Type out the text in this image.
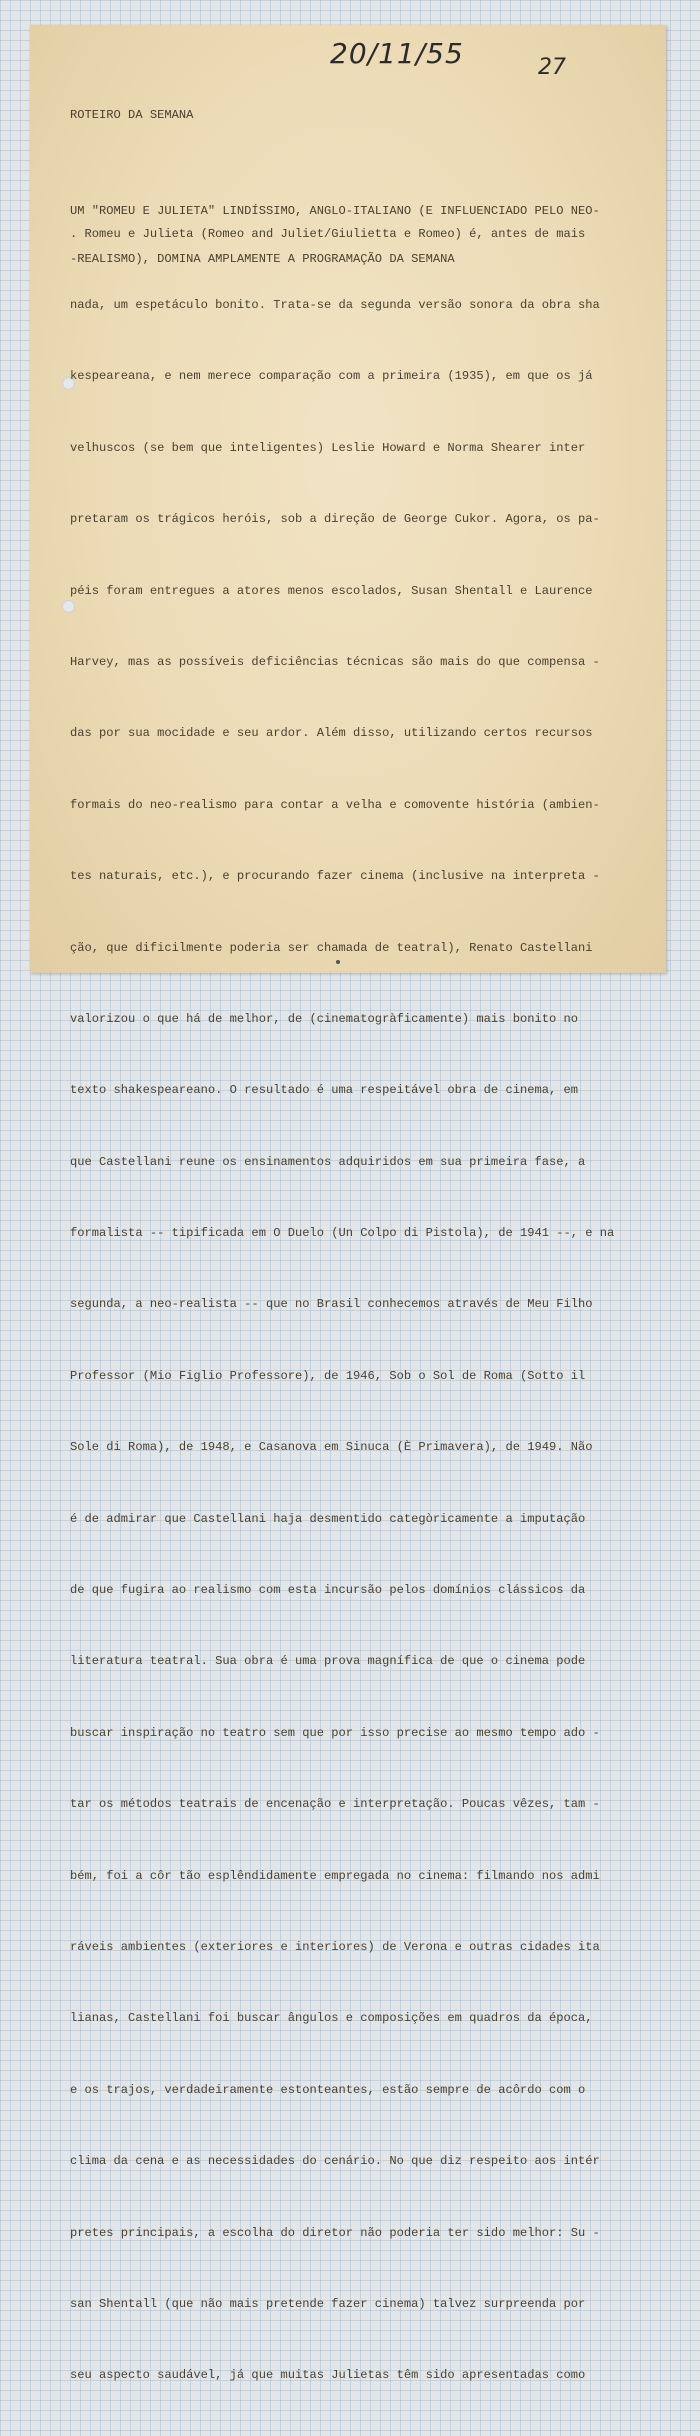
20/11/55	27

ROTEIRO DA SEMANA

UM "ROMEU E JULIETA" LINDÍSSIMO, ANGLO-ITALIANO (E INFLUENCIADO PELO NEO-

-REALISMO), DOMINA AMPLAMENTE A PROGRAMAÇÃO DA SEMANA

. Romeu e Julieta (Romeo and Juliet/Giulietta e Romeo) é, antes de mais

nada, um espetáculo bonito. Trata-se da segunda versão sonora da obra sha

kespeareana, e nem merece comparação com a primeira (1935), em que os já

velhuscos (se bem que inteligentes) Leslie Howard e Norma Shearer inter

pretaram os trágicos heróis, sob a direção de George Cukor. Agora, os pa-

péis foram entregues a atores menos escolados, Susan Shentall e Laurence

Harvey, mas as possíveis deficiências técnicas são mais do que compensa -

das por sua mocidade e seu ardor. Além disso, utilizando certos recursos

formais do neo-realismo para contar a velha e comovente história (ambien-

tes naturais, etc.), e procurando fazer cinema (inclusive na interpreta -

ção, que dificilmente poderia ser chamada de teatral), Renato Castellani

valorizou o que há de melhor, de (cinematogràficamente) mais bonito no

texto shakespeareano. O resultado é uma respeitável obra de cinema, em

que Castellani reune os ensinamentos adquiridos em sua primeira fase, a

formalista -- tipificada em O Duelo (Un Colpo di Pistola), de 1941 --, e na

segunda, a neo-realista -- que no Brasil conhecemos através de Meu Filho

Professor (Mio Figlio Professore), de 1946, Sob o Sol de Roma (Sotto il

Sole di Roma), de 1948, e Casanova em Sinuca (È Primavera), de 1949. Não

é de admirar que Castellani haja desmentido categòricamente a imputação

de que fugira ao realismo com esta incursão pelos domínios clássicos da

literatura teatral. Sua obra é uma prova magnífica de que o cinema pode

buscar inspiração no teatro sem que por isso precise ao mesmo tempo ado -

tar os métodos teatrais de encenação e interpretação. Poucas vêzes, tam -

bém, foi a côr tão esplêndidamente empregada no cinema: filmando nos admi

ráveis ambientes (exteriores e interiores) de Verona e outras cidades ita

lianas, Castellani foi buscar ângulos e composições em quadros da época,

e os trajos, verdadeiramente estonteantes, estão sempre de acôrdo com o

clima da cena e as necessidades do cenário. No que diz respeito aos intér

pretes principais, a escolha do diretor não poderia ter sido melhor: Su -

san Shentall (que não mais pretende fazer cinema) talvez surpreenda por

seu aspecto saudável, já que muitas Julietas têm sido apresentadas como
